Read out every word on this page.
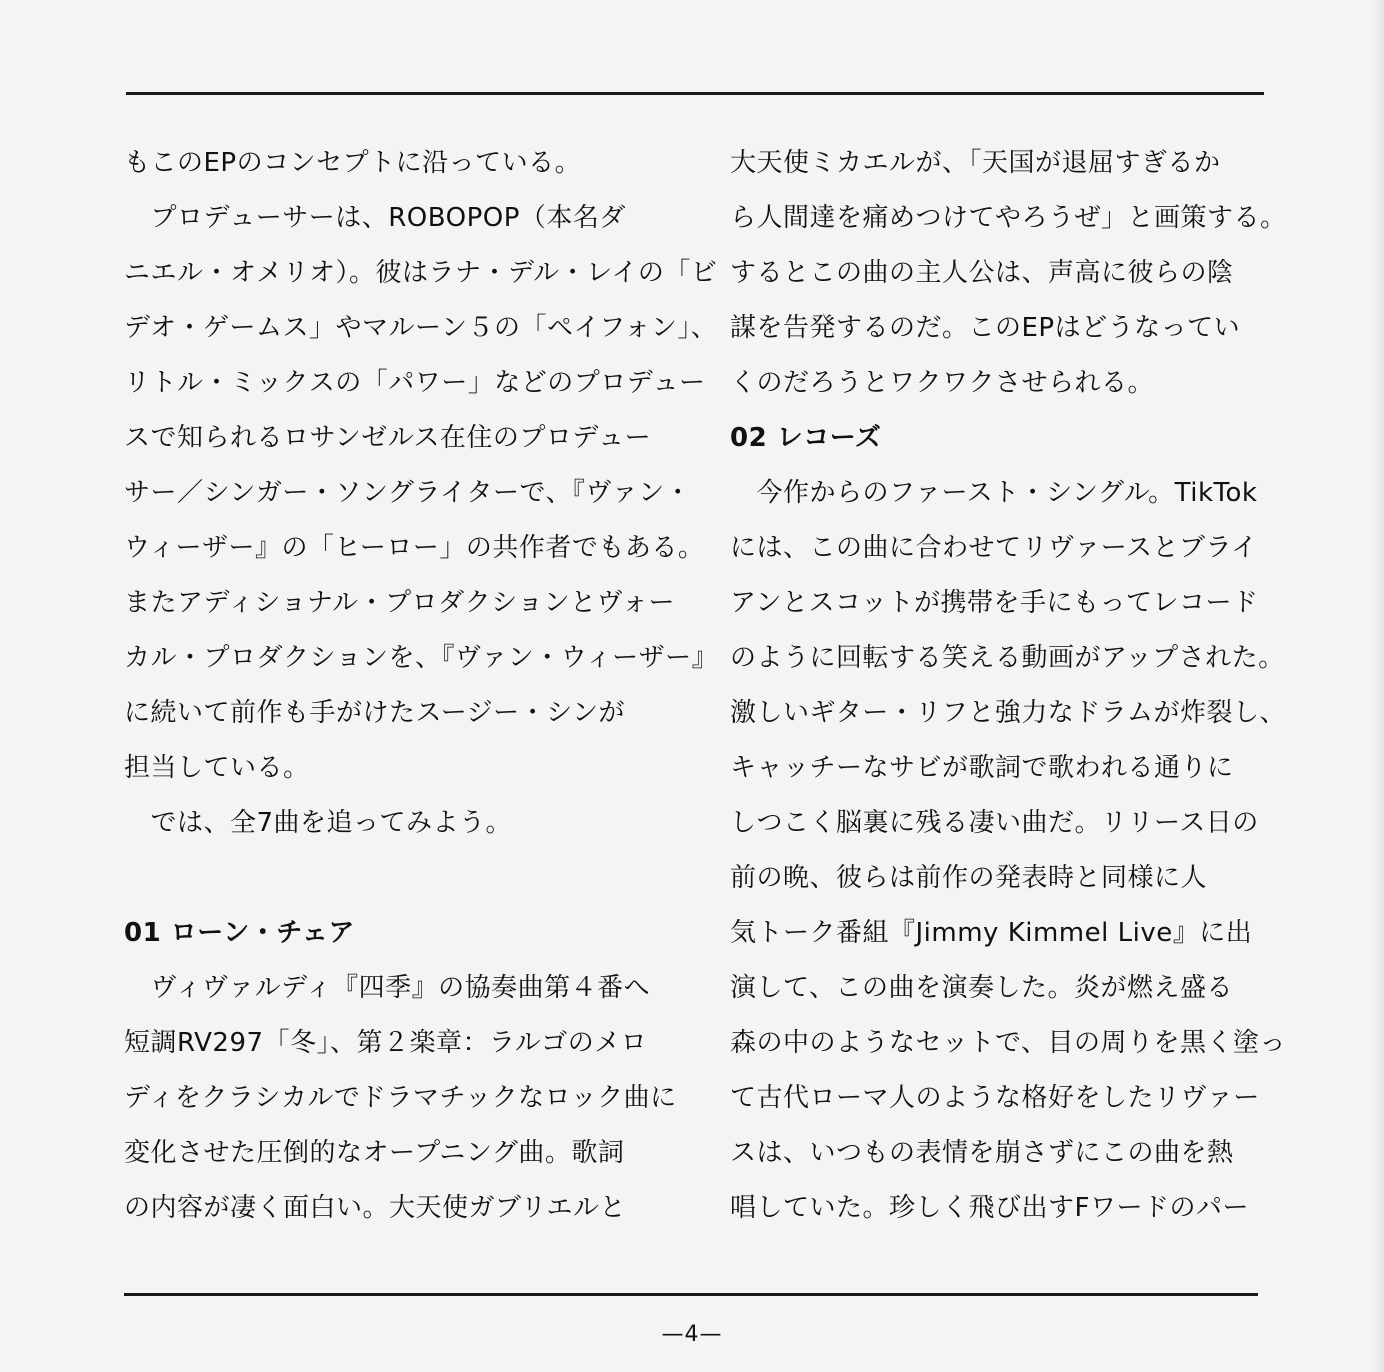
もこのEPのコンセプトに沿っている。
　プロデューサーは、ROBOPOP（本名ダ
ニエル・オメリオ）。彼はラナ・デル・レイの「ビ
デオ・ゲームス」やマルーン５の「ペイフォン」、
リトル・ミックスの「パワー」などのプロデュー
スで知られるロサンゼルス在住のプロデュー
サー／シンガー・ソングライターで、『ヴァン・
ウィーザー』の「ヒーロー」の共作者でもある。
またアディショナル・プロダクションとヴォー
カル・プロダクションを、『ヴァン・ウィーザー』
に続いて前作も手がけたスージー・シンが
担当している。
　では、全7曲を追ってみよう。
01 ローン・チェア
　ヴィヴァルディ『四季』の協奏曲第４番へ
短調RV297「冬」、第２楽章：ラルゴのメロ
ディをクラシカルでドラマチックなロック曲に
変化させた圧倒的なオープニング曲。歌詞
の内容が凄く面白い。大天使ガブリエルと
大天使ミカエルが、「天国が退屈すぎるか
ら人間達を痛めつけてやろうぜ」と画策する。
するとこの曲の主人公は、声高に彼らの陰
謀を告発するのだ。このEPはどうなってい
くのだろうとワクワクさせられる。
02 レコーズ
　今作からのファースト・シングル。TikTok
には、この曲に合わせてリヴァースとブライ
アンとスコットが携帯を手にもってレコード
のように回転する笑える動画がアップされた。
激しいギター・リフと強力なドラムが炸裂し、
キャッチーなサビが歌詞で歌われる通りに
しつこく脳裏に残る凄い曲だ。リリース日の
前の晩、彼らは前作の発表時と同様に人
気トーク番組『Jimmy Kimmel Live』に出
演して、この曲を演奏した。炎が燃え盛る
森の中のようなセットで、目の周りを黒く塗っ
て古代ローマ人のような格好をしたリヴァー
スは、いつもの表情を崩さずにこの曲を熱
唱していた。珍しく飛び出すFワードのパー
—4—
